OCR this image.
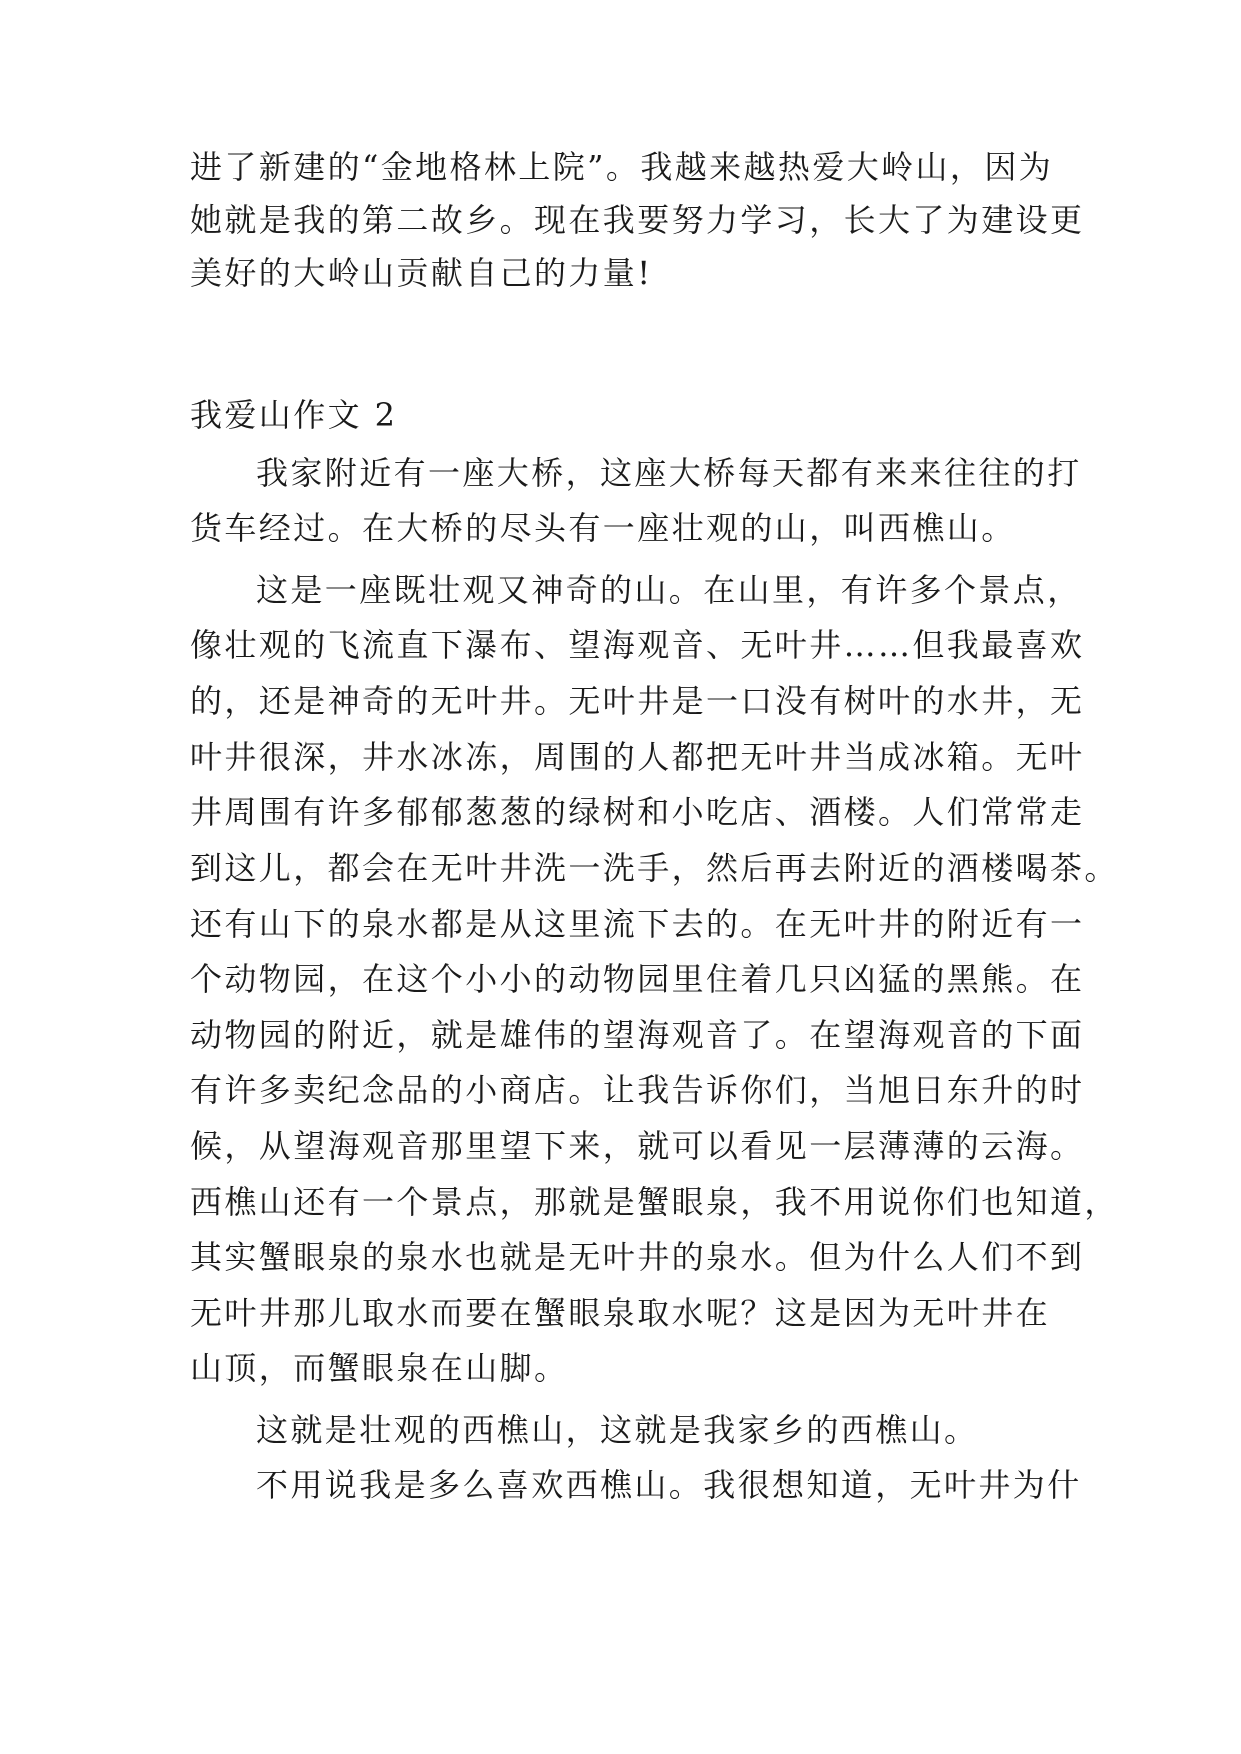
进了新建的“金地格林上院”。我越来越热爱大岭山，因为
她就是我的第二故乡。现在我要努力学习，长大了为建设更
美好的大岭山贡献自己的力量!
我爱山作文 2
我家附近有一座大桥，这座大桥每天都有来来往往的打
货车经过。在大桥的尽头有一座壮观的山，叫西樵山。
这是一座既壮观又神奇的山。在山里，有许多个景点，
像壮观的飞流直下瀑布、望海观音、无叶井……但我最喜欢
的，还是神奇的无叶井。无叶井是一口没有树叶的水井，无
叶井很深，井水冰冻，周围的人都把无叶井当成冰箱。无叶
井周围有许多郁郁葱葱的绿树和小吃店、酒楼。人们常常走
到这儿，都会在无叶井洗一洗手，然后再去附近的酒楼喝茶。
还有山下的泉水都是从这里流下去的。在无叶井的附近有一
个动物园，在这个小小的动物园里住着几只凶猛的黑熊。在
动物园的附近，就是雄伟的望海观音了。在望海观音的下面
有许多卖纪念品的小商店。让我告诉你们，当旭日东升的时
候，从望海观音那里望下来，就可以看见一层薄薄的云海。
西樵山还有一个景点，那就是蟹眼泉，我不用说你们也知道，
其实蟹眼泉的泉水也就是无叶井的泉水。但为什么人们不到
无叶井那儿取水而要在蟹眼泉取水呢？这是因为无叶井在
山顶，而蟹眼泉在山脚。
这就是壮观的西樵山，这就是我家乡的西樵山。
不用说我是多么喜欢西樵山。我很想知道，无叶井为什
